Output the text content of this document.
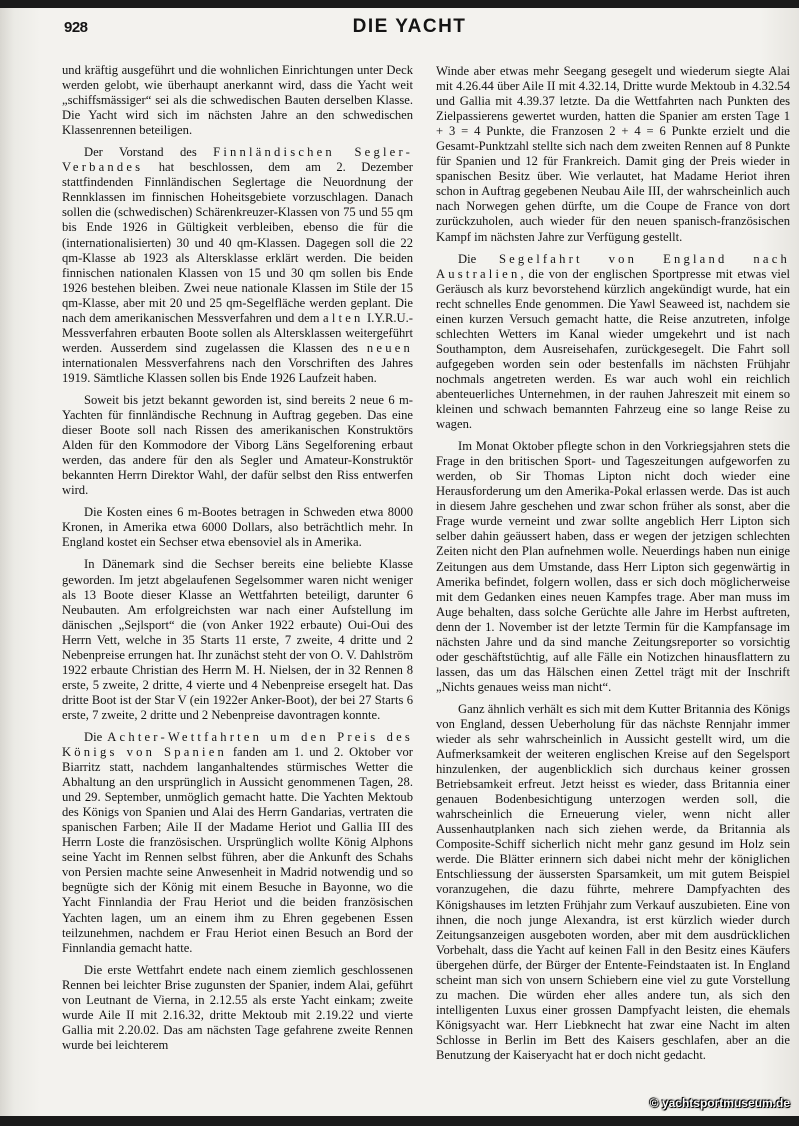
928	DIE YACHT

und kräftig ausgeführt und die wohnlichen Einrichtungen unter Deck werden gelobt, wie überhaupt anerkannt wird, dass die Yacht weit „schiffsmässiger“ sei als die schwedischen Bauten derselben Klasse. Die Yacht wird sich im nächsten Jahre an den schwedischen Klassenrennen beteiligen.

Der Vorstand des Finnländischen Segler-Verbandes hat beschlossen, dem am 2. Dezember stattfindenden Finnländischen Seglertage die Neuordnung der Rennklassen im finnischen Hoheitsgebiete vorzuschlagen. Danach sollen die (schwedischen) Schärenkreuzer-Klassen von 75 und 55 qm bis Ende 1926 in Gültigkeit verbleiben, ebenso die für die (internationalisierten) 30 und 40 qm-Klassen. Dagegen soll die 22 qm-Klasse ab 1923 als Altersklasse erklärt werden. Die beiden finnischen nationalen Klassen von 15 und 30 qm sollen bis Ende 1926 bestehen bleiben. Zwei neue nationale Klassen im Stile der 15 qm-Klasse, aber mit 20 und 25 qm-Segelfläche werden geplant. Die nach dem amerikanischen Messverfahren und dem alten I.Y.R.U.-Messverfahren erbauten Boote sollen als Altersklassen weitergeführt werden. Ausserdem sind zugelassen die Klassen des neuen internationalen Messverfahrens nach den Vorschriften des Jahres 1919. Sämtliche Klassen sollen bis Ende 1926 Laufzeit haben.

Soweit bis jetzt bekannt geworden ist, sind bereits 2 neue 6 m-Yachten für finnländische Rechnung in Auftrag gegeben. Das eine dieser Boote soll nach Rissen des amerikanischen Konstruktörs Alden für den Kommodore der Viborg Läns Segelforening erbaut werden, das andere für den als Segler und Amateur-Konstruktör bekannten Herrn Direktor Wahl, der dafür selbst den Riss entwerfen wird.

Die Kosten eines 6 m-Bootes betragen in Schweden etwa 8000 Kronen, in Amerika etwa 6000 Dollars, also beträchtlich mehr. In England kostet ein Sechser etwa ebensoviel als in Amerika.

In Dänemark sind die Sechser bereits eine beliebte Klasse geworden. Im jetzt abgelaufenen Segelsommer waren nicht weniger als 13 Boote dieser Klasse an Wettfahrten beteiligt, darunter 6 Neubauten. Am erfolgreichsten war nach einer Aufstellung im dänischen „Sejlsport“ die (von Anker 1922 erbaute) Oui-Oui des Herrn Vett, welche in 35 Starts 11 erste, 7 zweite, 4 dritte und 2 Nebenpreise errungen hat. Ihr zunächst steht der von O. V. Dahlström 1922 erbaute Christian des Herrn M. H. Nielsen, der in 32 Rennen 8 erste, 5 zweite, 2 dritte, 4 vierte und 4 Nebenpreise ersegelt hat. Das dritte Boot ist der Star V (ein 1922er Anker-Boot), der bei 27 Starts 6 erste, 7 zweite, 2 dritte und 2 Nebenpreise davontragen konnte.

Die Achter-Wettfahrten um den Preis des Königs von Spanien fanden am 1. und 2. Oktober vor Biarritz statt, nachdem langanhaltendes stürmisches Wetter die Abhaltung an den ursprünglich in Aussicht genommenen Tagen, 28. und 29. September, unmöglich gemacht hatte. Die Yachten Mektoub des Königs von Spanien und Alai des Herrn Gandarias, vertraten die spanischen Farben; Aile II der Madame Heriot und Gallia III des Herrn Loste die französischen. Ursprünglich wollte König Alphons seine Yacht im Rennen selbst führen, aber die Ankunft des Schahs von Persien machte seine Anwesenheit in Madrid notwendig und so begnügte sich der König mit einem Besuche in Bayonne, wo die Yacht Finnlandia der Frau Heriot und die beiden französischen Yachten lagen, um an einem ihm zu Ehren gegebenen Essen teilzunehmen, nachdem er Frau Heriot einen Besuch an Bord der Finnlandia gemacht hatte.

Die erste Wettfahrt endete nach einem ziemlich geschlossenen Rennen bei leichter Brise zugunsten der Spanier, indem Alai, geführt von Leutnant de Vierna, in 2.12.55 als erste Yacht einkam; zweite wurde Aile II mit 2.16.32, dritte Mektoub mit 2.19.22 und vierte Gallia mit 2.20.02. Das am nächsten Tage gefahrene zweite Rennen wurde bei leichterem

Winde aber etwas mehr Seegang gesegelt und wiederum siegte Alai mit 4.26.44 über Aile II mit 4.32.14, Dritte wurde Mektoub in 4.32.54 und Gallia mit 4.39.37 letzte. Da die Wettfahrten nach Punkten des Zielpassierens gewertet wurden, hatten die Spanier am ersten Tage 1 + 3 = 4 Punkte, die Franzosen 2 + 4 = 6 Punkte erzielt und die Gesamt-Punktzahl stellte sich nach dem zweiten Rennen auf 8 Punkte für Spanien und 12 für Frankreich. Damit ging der Preis wieder in spanischen Besitz über. Wie verlautet, hat Madame Heriot ihren schon in Auftrag gegebenen Neubau Aile III, der wahrscheinlich auch nach Norwegen gehen dürfte, um die Coupe de France von dort zurückzuholen, auch wieder für den neuen spanisch-französischen Kampf im nächsten Jahre zur Verfügung gestellt.

Die Segelfahrt von England nach Australien, die von der englischen Sportpresse mit etwas viel Geräusch als kurz bevorstehend kürzlich angekündigt wurde, hat ein recht schnelles Ende genommen. Die Yawl Seaweed ist, nachdem sie einen kurzen Versuch gemacht hatte, die Reise anzutreten, infolge schlechten Wetters im Kanal wieder umgekehrt und ist nach Southampton, dem Ausreisehafen, zurückgesegelt. Die Fahrt soll aufgegeben worden sein oder bestenfalls im nächsten Frühjahr nochmals angetreten werden. Es war auch wohl ein reichlich abenteuerliches Unternehmen, in der rauhen Jahreszeit mit einem so kleinen und schwach bemannten Fahrzeug eine so lange Reise zu wagen.

Im Monat Oktober pflegte schon in den Vorkriegsjahren stets die Frage in den britischen Sport- und Tageszeitungen aufgeworfen zu werden, ob Sir Thomas Lipton nicht doch wieder eine Herausforderung um den Amerika-Pokal erlassen werde. Das ist auch in diesem Jahre geschehen und zwar schon früher als sonst, aber die Frage wurde verneint und zwar sollte angeblich Herr Lipton sich selber dahin geäussert haben, dass er wegen der jetzigen schlechten Zeiten nicht den Plan aufnehmen wolle. Neuerdings haben nun einige Zeitungen aus dem Umstande, dass Herr Lipton sich gegenwärtig in Amerika befindet, folgern wollen, dass er sich doch möglicherweise mit dem Gedanken eines neuen Kampfes trage. Aber man muss im Auge behalten, dass solche Gerüchte alle Jahre im Herbst auftreten, denn der 1. November ist der letzte Termin für die Kampfansage im nächsten Jahre und da sind manche Zeitungsreporter so vorsichtig oder geschäftstüchtig, auf alle Fälle ein Notizchen hinausflattern zu lassen, das um das Hälschen einen Zettel trägt mit der Inschrift „Nichts genaues weiss man nicht“.

Ganz ähnlich verhält es sich mit dem Kutter Britannia des Königs von England, dessen Ueberholung für das nächste Rennjahr immer wieder als sehr wahrscheinlich in Aussicht gestellt wird, um die Aufmerksamkeit der weiteren englischen Kreise auf den Segelsport hinzulenken, der augenblicklich sich durchaus keiner grossen Betriebsamkeit erfreut. Jetzt heisst es wieder, dass Britannia einer genauen Bodenbesichtigung unterzogen werden soll, die wahrscheinlich die Erneuerung vieler, wenn nicht aller Aussenhautplanken nach sich ziehen werde, da Britannia als Composite-Schiff sicherlich nicht mehr ganz gesund im Holz sein werde. Die Blätter erinnern sich dabei nicht mehr der königlichen Entschliessung der äussersten Sparsamkeit, um mit gutem Beispiel voranzugehen, die dazu führte, mehrere Dampfyachten des Königshauses im letzten Frühjahr zum Verkauf auszubieten. Eine von ihnen, die noch junge Alexandra, ist erst kürzlich wieder durch Zeitungsanzeigen ausgeboten worden, aber mit dem ausdrücklichen Vorbehalt, dass die Yacht auf keinen Fall in den Besitz eines Käufers übergehen dürfe, der Bürger der Entente-Feindstaaten ist. In England scheint man sich von unsern Schiebern eine viel zu gute Vorstellung zu machen. Die würden eher alles andere tun, als sich den intelligenten Luxus einer grossen Dampfyacht leisten, die ehemals Königsyacht war. Herr Liebknecht hat zwar eine Nacht im alten Schlosse in Berlin im Bett des Kaisers geschlafen, aber an die Benutzung der Kaiseryacht hat er doch nicht gedacht.

© yachtsportmuseum.de
